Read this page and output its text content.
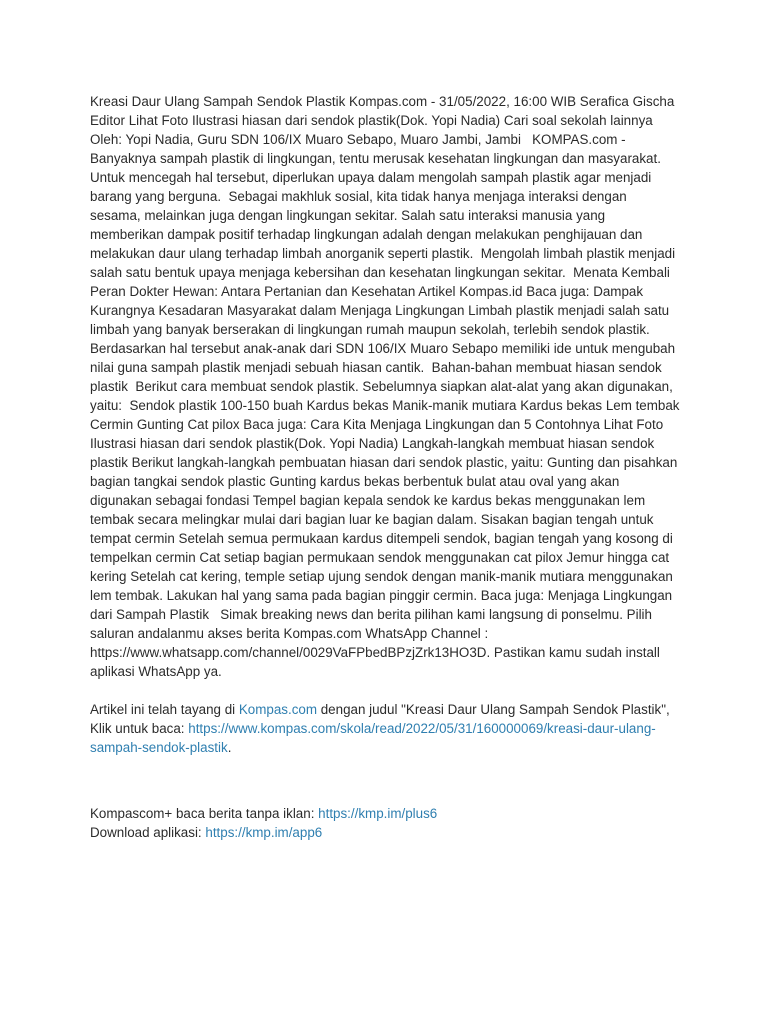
Kreasi Daur Ulang Sampah Sendok Plastik Kompas.com - 31/05/2022, 16:00 WIB Serafica Gischa Editor Lihat Foto Ilustrasi hiasan dari sendok plastik(Dok. Yopi Nadia) Cari soal sekolah lainnya Oleh: Yopi Nadia, Guru SDN 106/IX Muaro Sebapo, Muaro Jambi, Jambi   KOMPAS.com - Banyaknya sampah plastik di lingkungan, tentu merusak kesehatan lingkungan dan masyarakat. Untuk mencegah hal tersebut, diperlukan upaya dalam mengolah sampah plastik agar menjadi barang yang berguna.  Sebagai makhluk sosial, kita tidak hanya menjaga interaksi dengan sesama, melainkan juga dengan lingkungan sekitar. Salah satu interaksi manusia yang memberikan dampak positif terhadap lingkungan adalah dengan melakukan penghijauan dan melakukan daur ulang terhadap limbah anorganik seperti plastik.  Mengolah limbah plastik menjadi salah satu bentuk upaya menjaga kebersihan dan kesehatan lingkungan sekitar.  Menata Kembali Peran Dokter Hewan: Antara Pertanian dan Kesehatan Artikel Kompas.id Baca juga: Dampak Kurangnya Kesadaran Masyarakat dalam Menjaga Lingkungan Limbah plastik menjadi salah satu limbah yang banyak berserakan di lingkungan rumah maupun sekolah, terlebih sendok plastik. Berdasarkan hal tersebut anak-anak dari SDN 106/IX Muaro Sebapo memiliki ide untuk mengubah nilai guna sampah plastik menjadi sebuah hiasan cantik.  Bahan-bahan membuat hiasan sendok plastik  Berikut cara membuat sendok plastik. Sebelumnya siapkan alat-alat yang akan digunakan, yaitu:  Sendok plastik 100-150 buah Kardus bekas Manik-manik mutiara Kardus bekas Lem tembak Cermin Gunting Cat pilox Baca juga: Cara Kita Menjaga Lingkungan dan 5 Contohnya Lihat Foto Ilustrasi hiasan dari sendok plastik(Dok. Yopi Nadia) Langkah-langkah membuat hiasan sendok plastik Berikut langkah-langkah pembuatan hiasan dari sendok plastic, yaitu: Gunting dan pisahkan bagian tangkai sendok plastic Gunting kardus bekas berbentuk bulat atau oval yang akan digunakan sebagai fondasi Tempel bagian kepala sendok ke kardus bekas menggunakan lem tembak secara melingkar mulai dari bagian luar ke bagian dalam. Sisakan bagian tengah untuk tempat cermin Setelah semua permukaan kardus ditempeli sendok, bagian tengah yang kosong di tempelkan cermin Cat setiap bagian permukaan sendok menggunakan cat pilox Jemur hingga cat kering Setelah cat kering, temple setiap ujung sendok dengan manik-manik mutiara menggunakan lem tembak. Lakukan hal yang sama pada bagian pinggir cermin. Baca juga: Menjaga Lingkungan dari Sampah Plastik   Simak breaking news dan berita pilihan kami langsung di ponselmu. Pilih saluran andalanmu akses berita Kompas.com WhatsApp Channel : https://www.whatsapp.com/channel/0029VaFPbedBPzjZrk13HO3D. Pastikan kamu sudah install aplikasi WhatsApp ya.

Artikel ini telah tayang di Kompas.com dengan judul "Kreasi Daur Ulang Sampah Sendok Plastik", Klik untuk baca: https://www.kompas.com/skola/read/2022/05/31/160000069/kreasi-daur-ulang-sampah-sendok-plastik.

Kompascom+ baca berita tanpa iklan: https://kmp.im/plus6

Download aplikasi: https://kmp.im/app6
